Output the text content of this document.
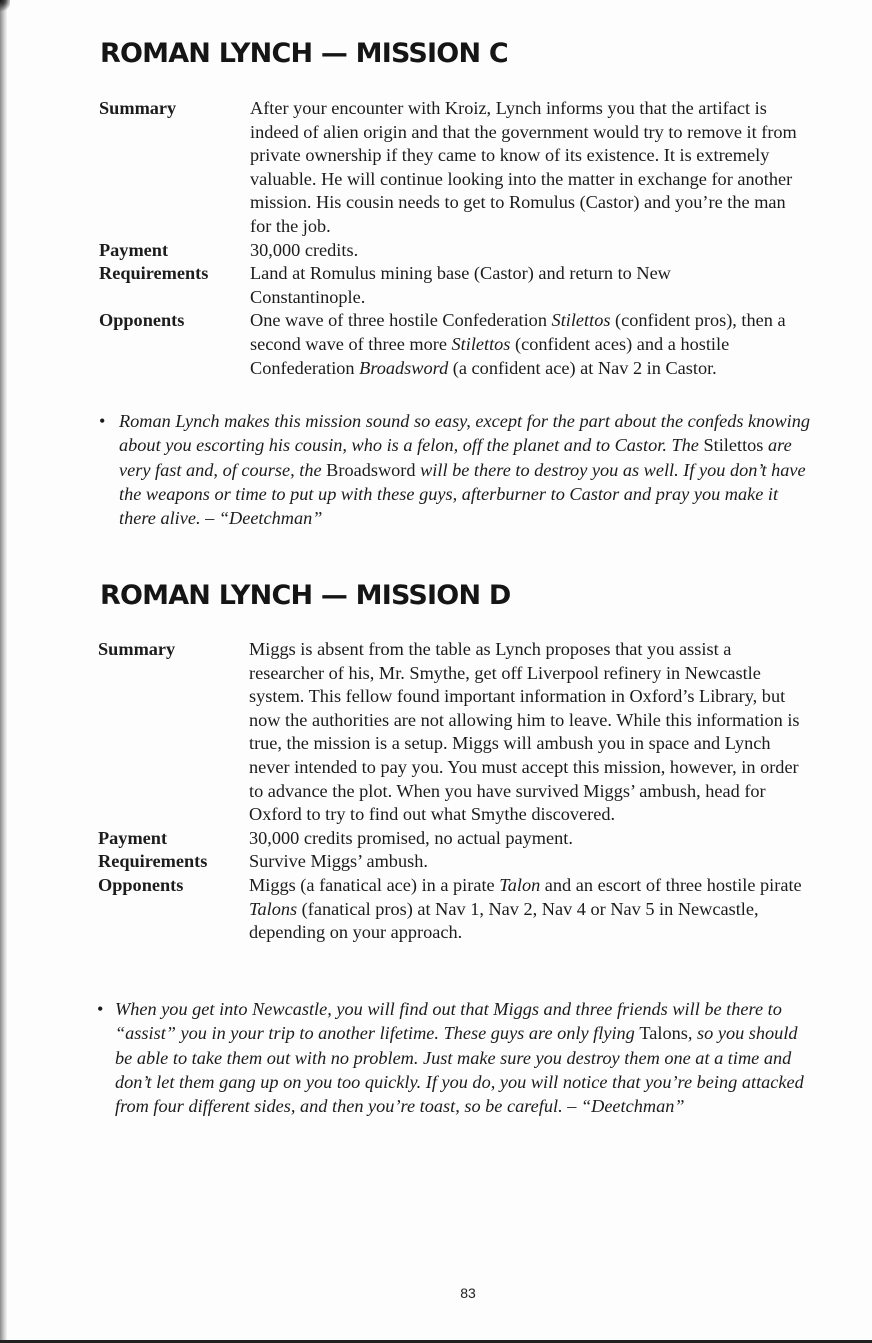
ROMAN LYNCH — MISSION C
Summary	After your encounter with Kroiz, Lynch informs you that the artifact is indeed of alien origin and that the government would try to remove it from private ownership if they came to know of its existence. It is extremely valuable. He will continue looking into the matter in exchange for another mission. His cousin needs to get to Romulus (Castor) and you’re the man for the job.
Payment	30,000 credits.
Requirements	Land at Romulus mining base (Castor) and return to New Constantinople.
Opponents	One wave of three hostile Confederation Stilettos (confident pros), then a second wave of three more Stilettos (confident aces) and a hostile Confederation Broadsword (a confident ace) at Nav 2 in Castor.
• Roman Lynch makes this mission sound so easy, except for the part about the confeds knowing about you escorting his cousin, who is a felon, off the planet and to Castor. The Stilettos are very fast and, of course, the Broadsword will be there to destroy you as well. If you don’t have the weapons or time to put up with these guys, afterburner to Castor and pray you make it there alive. – “Deetchman”
ROMAN LYNCH — MISSION D
Summary	Miggs is absent from the table as Lynch proposes that you assist a researcher of his, Mr. Smythe, get off Liverpool refinery in Newcastle system. This fellow found important information in Oxford’s Library, but now the authorities are not allowing him to leave. While this information is true, the mission is a setup. Miggs will ambush you in space and Lynch never intended to pay you. You must accept this mission, however, in order to advance the plot. When you have survived Miggs’ ambush, head for Oxford to try to find out what Smythe discovered.
Payment	30,000 credits promised, no actual payment.
Requirements	Survive Miggs’ ambush.
Opponents	Miggs (a fanatical ace) in a pirate Talon and an escort of three hostile pirate Talons (fanatical pros) at Nav 1, Nav 2, Nav 4 or Nav 5 in Newcastle, depending on your approach.
• When you get into Newcastle, you will find out that Miggs and three friends will be there to “assist” you in your trip to another lifetime. These guys are only flying Talons, so you should be able to take them out with no problem. Just make sure you destroy them one at a time and don’t let them gang up on you too quickly. If you do, you will notice that you’re being attacked from four different sides, and then you’re toast, so be careful. – “Deetchman”
83
